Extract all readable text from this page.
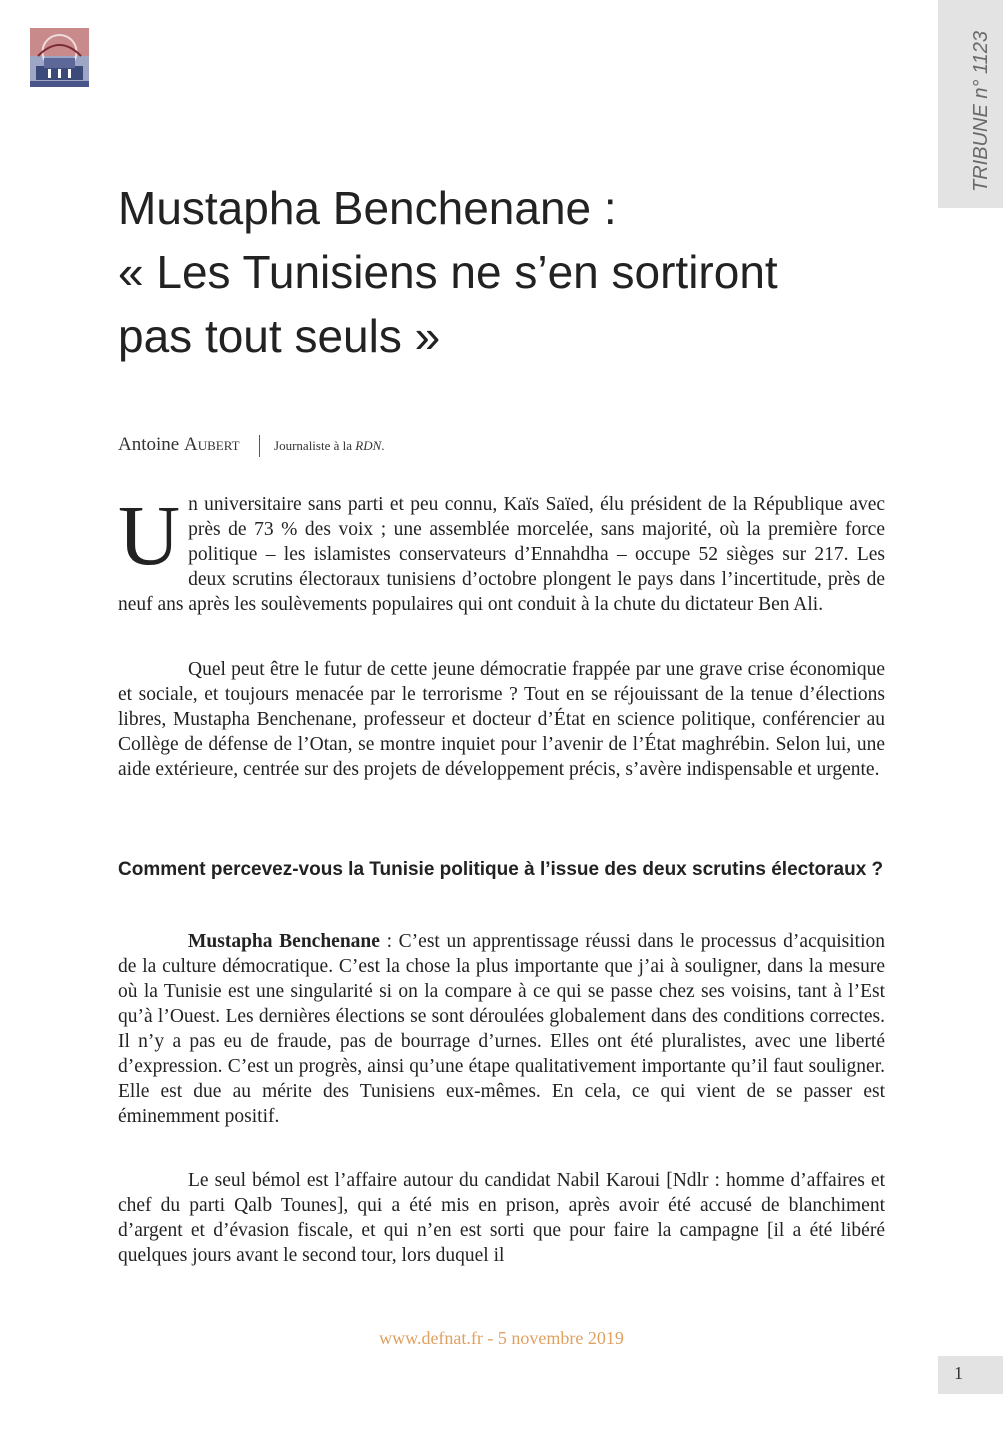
TRIBUNE n° 1123
Mustapha Benchenane :
« Les Tunisiens ne s’en sortiront
pas tout seuls »
Antoine Aubert	Journaliste à la RDN.

Un universitaire sans parti et peu connu, Kaïs Saïed, élu président de la République avec près de 73 % des voix ; une assemblée morcelée, sans majorité, où la première force politique – les islamistes conservateurs d’Ennahdha – occupe 52 sièges sur 217. Les deux scrutins électoraux tunisiens d’octobre plongent le pays dans l’incertitude, près de neuf ans après les soulèvements populaires qui ont conduit à la chute du dictateur Ben Ali.

Quel peut être le futur de cette jeune démocratie frappée par une grave crise économique et sociale, et toujours menacée par le terrorisme ? Tout en se réjouissant de la tenue d’élections libres, Mustapha Benchenane, professeur et docteur d’État en science politique, conférencier au Collège de défense de l’Otan, se montre inquiet pour l’avenir de l’État maghrébin. Selon lui, une aide extérieure, centrée sur des projets de développement précis, s’avère indispensable et urgente.

Comment percevez-vous la Tunisie politique à l’issue des deux scrutins électoraux ?

Mustapha Benchenane : C’est un apprentissage réussi dans le processus d’acquisition de la culture démocratique. C’est la chose la plus importante que j’ai à souligner, dans la mesure où la Tunisie est une singularité si on la compare à ce qui se passe chez ses voisins, tant à l’Est qu’à l’Ouest. Les dernières élections se sont déroulées globalement dans des conditions correctes. Il n’y a pas eu de fraude, pas de bourrage d’urnes. Elles ont été pluralistes, avec une liberté d’expression. C’est un progrès, ainsi qu’une étape qualitativement importante qu’il faut souligner. Elle est due au mérite des Tunisiens eux-mêmes. En cela, ce qui vient de se passer est éminemment positif.

Le seul bémol est l’affaire autour du candidat Nabil Karoui [Ndlr : homme d’affaires et chef du parti Qalb Tounes], qui a été mis en prison, après avoir été accusé de blanchiment d’argent et d’évasion fiscale, et qui n’en est sorti que pour faire la campagne [il a été libéré quelques jours avant le second tour, lors duquel il

www.defnat.fr - 5 novembre 2019
1
